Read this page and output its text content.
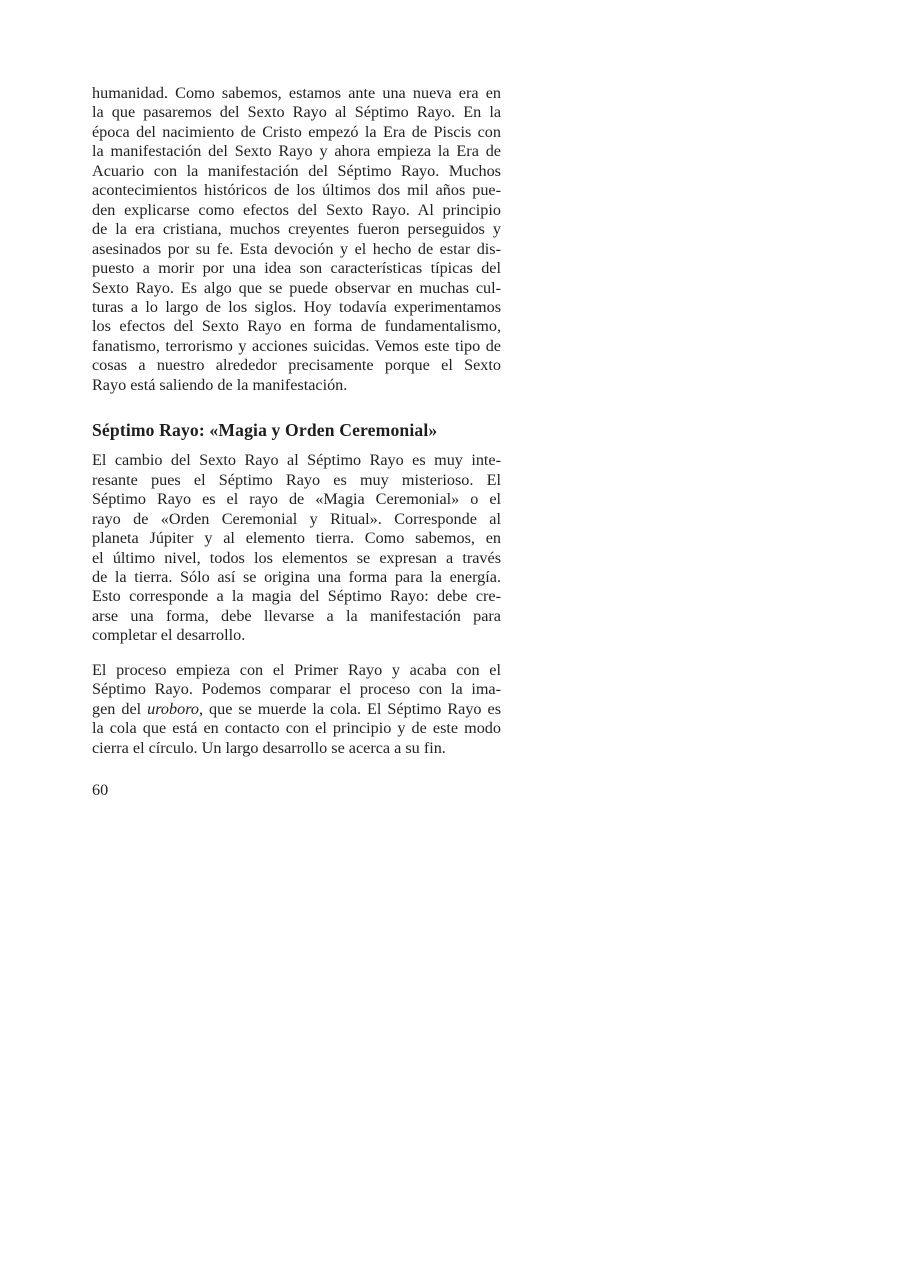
humanidad. Como sabemos, estamos ante una nueva era en
la que pasaremos del Sexto Rayo al Séptimo Rayo. En la
época del nacimiento de Cristo empezó la Era de Piscis con
la manifestación del Sexto Rayo y ahora empieza la Era de
Acuario con la manifestación del Séptimo Rayo. Muchos
acontecimientos históricos de los últimos dos mil años pue-
den explicarse como efectos del Sexto Rayo. Al principio
de la era cristiana, muchos creyentes fueron perseguidos y
asesinados por su fe. Esta devoción y el hecho de estar dis-
puesto a morir por una idea son características típicas del
Sexto Rayo. Es algo que se puede observar en muchas cul-
turas a lo largo de los siglos. Hoy todavía experimentamos
los efectos del Sexto Rayo en forma de fundamentalismo,
fanatismo, terrorismo y acciones suicidas. Vemos este tipo de
cosas a nuestro alrededor precisamente porque el Sexto
Rayo está saliendo de la manifestación.

Séptimo Rayo: «Magia y Orden Ceremonial»

El cambio del Sexto Rayo al Séptimo Rayo es muy inte-
resante pues el Séptimo Rayo es muy misterioso. El
Séptimo Rayo es el rayo de «Magia Ceremonial» o el
rayo de «Orden Ceremonial y Ritual». Corresponde al
planeta Júpiter y al elemento tierra. Como sabemos, en
el último nivel, todos los elementos se expresan a través
de la tierra. Sólo así se origina una forma para la energía.
Esto corresponde a la magia del Séptimo Rayo: debe cre-
arse una forma, debe llevarse a la manifestación para
completar el desarrollo.

El proceso empieza con el Primer Rayo y acaba con el
Séptimo Rayo. Podemos comparar el proceso con la ima-
gen del uroboro, que se muerde la cola. El Séptimo Rayo es
la cola que está en contacto con el principio y de este modo
cierra el círculo. Un largo desarrollo se acerca a su fin.

60
